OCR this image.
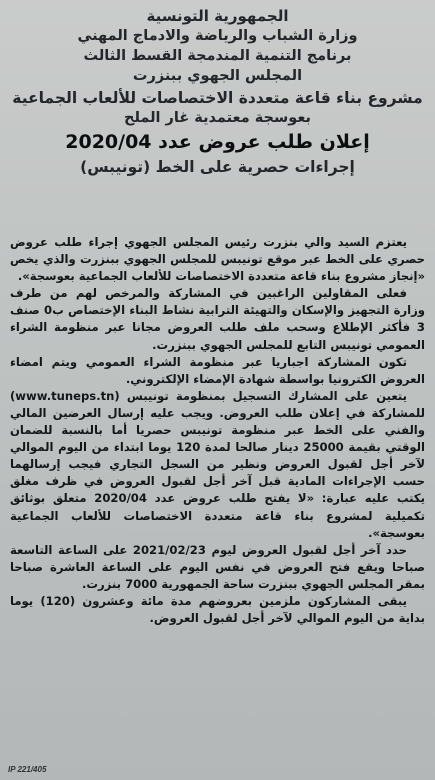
الجمهورية التونسية
وزارة الشباب والرياضة والادماج المهني
برنامج التنمية المندمجة القسط الثالث
المجلس الجهوي ببنزرت
مشروع بناء قاعة متعددة الاختصاصات للألعاب الجماعية
بعوسجة معتمدية غار الملح
إعلان طلب عروض عدد 2020/04
إجراءات حصرية على الخط (تونيبس)

يعتزم السيد والي بنزرت رئيس المجلس الجهوي إجراء طلب عروض حصري على الخط عبر موقع تونيبس للمجلس الجهوي ببنزرت والذي يخص «إنجاز مشروع بناء قاعة متعددة الاختصاصات للألعاب الجماعية بعوسجة».

فعلى المقاولين الراغبين في المشاركة والمرخص لهم من طرف وزارة التجهيز والإسكان والتهيئة الترابية نشاط البناء الإختصاص ب0 صنف 3 فأكثر الإطلاع وسحب ملف طلب العروض مجانا عبر منظومة الشراء العمومي تونيبس التابع للمجلس الجهوي ببنزرت.

تكون المشاركة اجباريا عبر منظومة الشراء العمومي ويتم امضاء العروض الكترونيا بواسطة شهادة الإمضاء الإلكتروني.

يتعين على المشارك التسجيل بمنظومة تونيبس (www.tuneps.tn) للمشاركة في إعلان طلب العروض. ويجب عليه إرسال العرضين المالي والفني على الخط عبر منظومة تونيبس حصريا أما بالنسبة للضمان الوقتي بقيمة 25000 دينار صالحا لمدة 120 يوما ابتداء من اليوم الموالي لآخر أجل لقبول العروض ونظير من السجل التجاري فيجب إرسالهما حسب الإجراءات المادية قبل آخر أجل لقبول العروض في ظرف مغلق يكتب عليه عبارة: «لا يفتح طلب عروض عدد 2020/04 متعلق بوثائق تكميلية لمشروع بناء قاعة متعددة الاختصاصات للألعاب الجماعية بعوسجة».

حدد آخر أجل لقبول العروض ليوم 2021/02/23 على الساعة التاسعة صباحا ويقع فتح العروض في نفس اليوم على الساعة العاشرة صباحا بمقر المجلس الجهوي ببنزرت ساحة الجمهورية 7000 بنزرت.

يبقى المشاركون ملزمين بعروضهم مدة مائة وعشرون (120) يوما بداية من اليوم الموالي لآخر أجل لقبول العروض.

IP 221/405
